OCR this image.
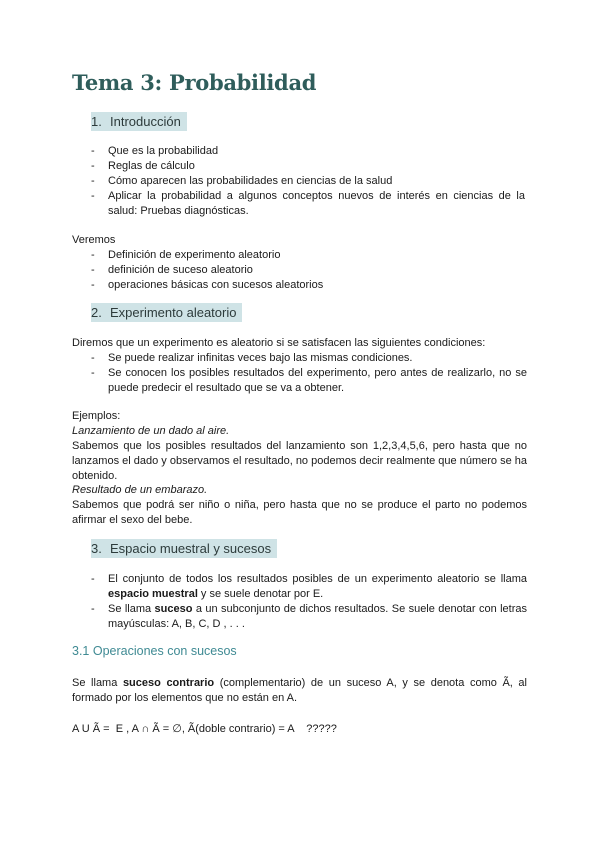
Tema 3: Probabilidad
1. Introducción
- Que es la probabilidad
- Reglas de cálculo
- Cómo aparecen las probabilidades en ciencias de la salud
- Aplicar la probabilidad a algunos conceptos nuevos de interés en ciencias de la salud: Pruebas diagnósticas.

Veremos

- Definición de experimento aleatorio
- definición de suceso aleatorio
- operaciones básicas con sucesos aleatorios
2. Experimento aleatorio

Diremos que un experimento es aleatorio si se satisfacen las siguientes condiciones:

- Se puede realizar infinitas veces bajo las mismas condiciones.
- Se conocen los posibles resultados del experimento, pero antes de realizarlo, no se puede predecir el resultado que se va a obtener.

Ejemplos:

Lanzamiento de un dado al aire.

Sabemos que los posibles resultados del lanzamiento son 1,2,3,4,5,6, pero hasta que no lanzamos el dado y observamos el resultado, no podemos decir realmente que número se ha obtenido.

Resultado de un embarazo.

Sabemos que podrá ser niño o niña, pero hasta que no se produce el parto no podemos afirmar el sexo del bebe.

3. Espacio muestral y sucesos
- El conjunto de todos los resultados posibles de un experimento aleatorio se llama espacio muestral y se suele denotar por E.
- Se llama suceso a un subconjunto de dichos resultados. Se suele denotar con letras mayúsculas: A, B, C, D , . . .
3.1 Operaciones con sucesos

Se llama suceso contrario (complementario) de un suceso A, y se denota como Ã, al formado por los elementos que no están en A.

A U Ã =  E , A ∩ Ã = ∅, Ã(doble contrario) = A    ?????
